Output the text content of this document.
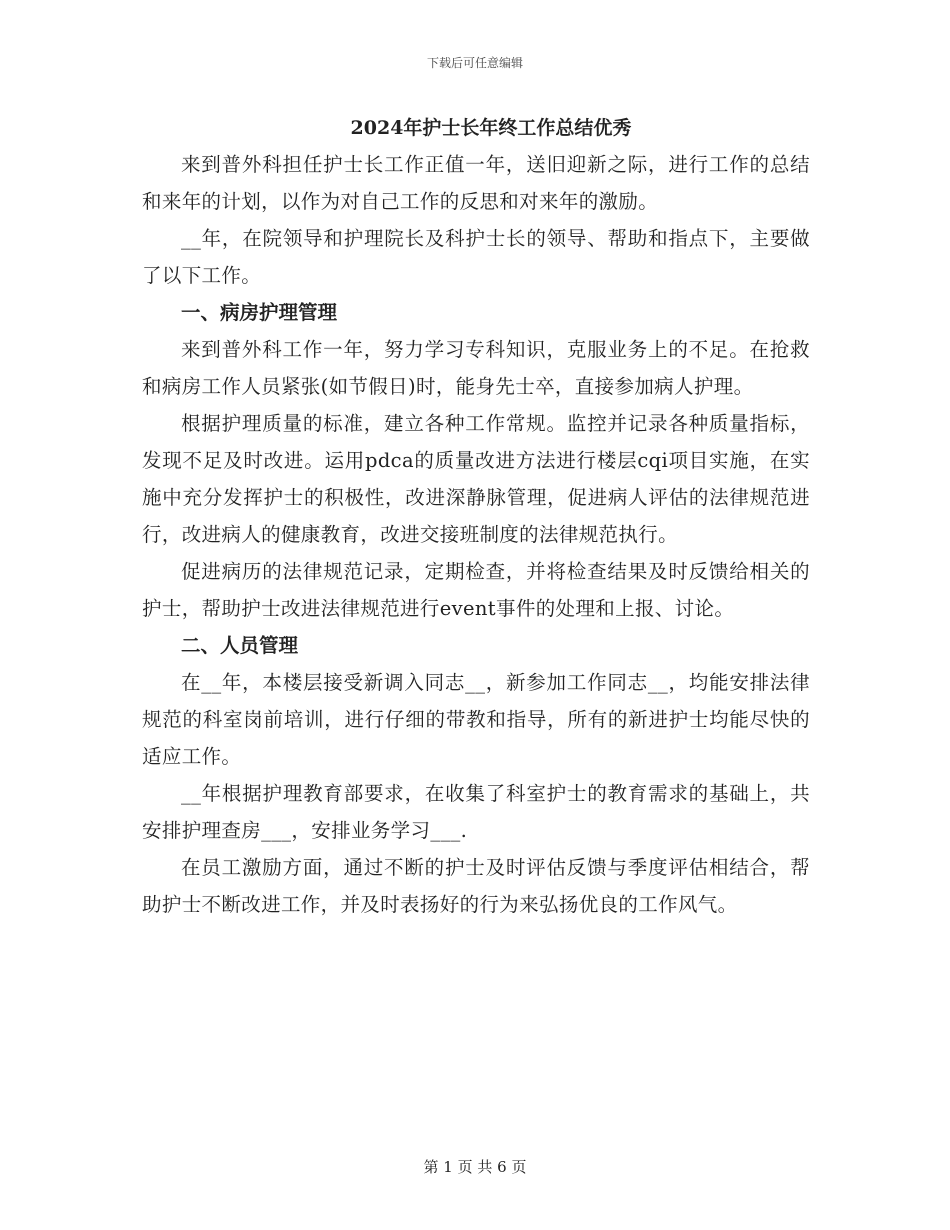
下载后可任意编辑
2024年护士长年终工作总结优秀

来到普外科担任护士长工作正值一年，送旧迎新之际，进行工作的总结和来年的计划，以作为对自己工作的反思和对来年的激励。

__年，在院领导和护理院长及科护士长的领导、帮助和指点下，主要做了以下工作。

一、病房护理管理

来到普外科工作一年，努力学习专科知识，克服业务上的不足。在抢救和病房工作人员紧张(如节假日)时，能身先士卒，直接参加病人护理。

根据护理质量的标准，建立各种工作常规。监控并记录各种质量指标，发现不足及时改进。运用pdca的质量改进方法进行楼层cqi项目实施，在实施中充分发挥护士的积极性，改进深静脉管理，促进病人评估的法律规范进行，改进病人的健康教育，改进交接班制度的法律规范执行。

促进病历的法律规范记录，定期检查，并将检查结果及时反馈给相关的护士，帮助护士改进法律规范进行event事件的处理和上报、讨论。

二、人员管理

在__年，本楼层接受新调入同志__，新参加工作同志__，均能安排法律规范的科室岗前培训，进行仔细的带教和指导，所有的新进护士均能尽快的适应工作。

__年根据护理教育部要求，在收集了科室护士的教育需求的基础上，共安排护理查房___，安排业务学习___.

在员工激励方面，通过不断的护士及时评估反馈与季度评估相结合，帮助护士不断改进工作，并及时表扬好的行为来弘扬优良的工作风气。

第 1 页 共 6 页
